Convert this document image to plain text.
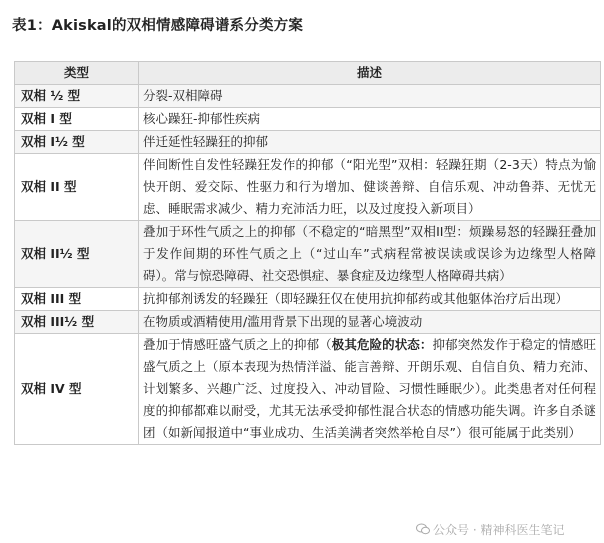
表1：Akiskal的双相情感障碍谱系分类方案
类型	描述
双相 ½ 型	分裂-双相障碍
双相 I 型	核心躁狂-抑郁性疾病
双相 I½ 型	伴迁延性轻躁狂的抑郁
双相 II 型	伴间断性自发性轻躁狂发作的抑郁（“阳光型”双相：轻躁狂期（2-3天）特点为愉快开朗、爱交际、性驱力和行为增加、健谈善辩、自信乐观、冲动鲁莽、无忧无虑、睡眠需求减少、精力充沛活力旺，以及过度投入新项目）
双相 II½ 型	叠加于环性气质之上的抑郁（不稳定的“暗黑型”双相II型：烦躁易怒的轻躁狂叠加于发作间期的环性气质之上（“过山车”式病程常被误读或误诊为边缘型人格障碍）。常与惊恐障碍、社交恐惧症、暴食症及边缘型人格障碍共病）
双相 III 型	抗抑郁剂诱发的轻躁狂（即轻躁狂仅在使用抗抑郁药或其他躯体治疗后出现）
双相 III½ 型	在物质或酒精使用/滥用背景下出现的显著心境波动
双相 IV 型	叠加于情感旺盛气质之上的抑郁（极其危险的状态：抑郁突然发作于稳定的情感旺盛气质之上（原本表现为热情洋溢、能言善辩、开朗乐观、自信自负、精力充沛、计划繁多、兴趣广泛、过度投入、冲动冒险、习惯性睡眠少）。此类患者对任何程度的抑郁都难以耐受，尤其无法承受抑郁性混合状态的情感功能失调。许多自杀谜团（如新闻报道中“事业成功、生活美满者突然举枪自尽”）很可能属于此类别）
公众号 · 精神科医生笔记
